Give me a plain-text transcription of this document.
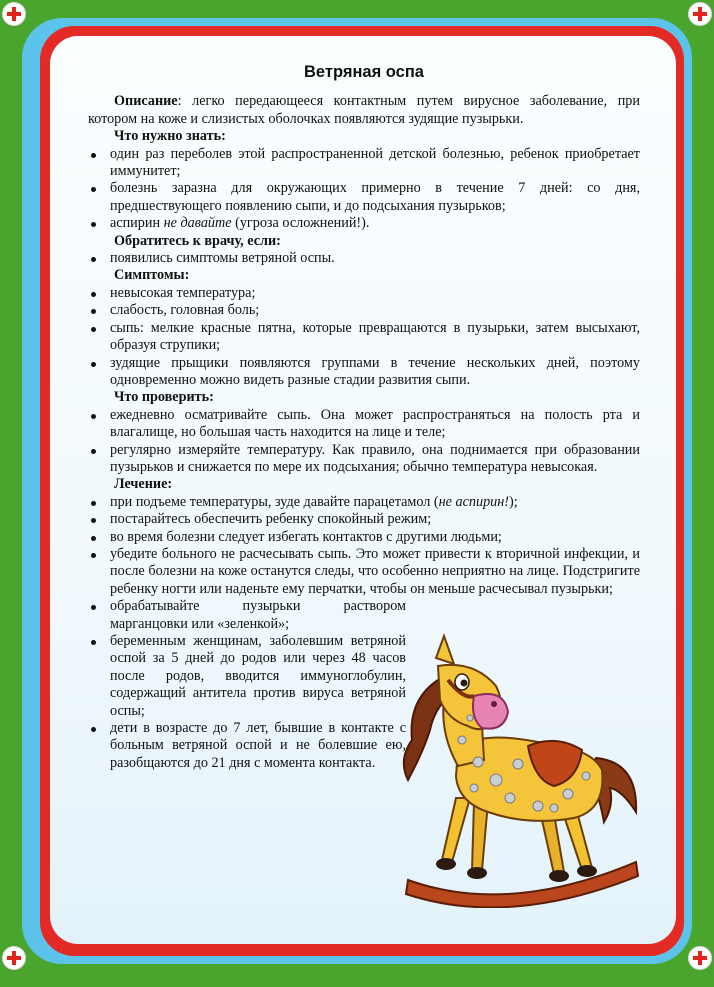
Ветряная оспа

Описание: легко передающееся контактным путем вирусное заболевание, при котором на коже и слизистых оболочках появляются зудящие пузырьки.

Что нужно знать:

один раз переболев этой распространенной детской болезнью, ребенок приобретает иммунитет;
болезнь заразна для окружающих примерно в течение 7 дней: со дня, предшествующего появлению сыпи, и до подсыхания пузырьков;
аспирин не давайте (угроза осложнений!).

Обратитесь к врачу, если:

появились симптомы ветряной оспы.

Симптомы:

невысокая температура;
слабость, головная боль;
сыпь: мелкие красные пятна, которые превращаются в пузырьки, затем высыхают, образуя струпики;
зудящие прыщики появляются группами в течение нескольких дней, поэтому одновременно можно видеть разные стадии развития сыпи.

Что проверить:

ежедневно осматривайте сыпь. Она может распространяться на полость рта и влагалище, но большая часть находится на лице и теле;
регулярно измеряйте температуру. Как правило, она поднимается при образовании пузырьков и снижается по мере их подсыхания; обычно температура невысокая.

Лечение:

при подъеме температуры, зуде давайте парацетамол (не аспирин!);
постарайтесь обеспечить ребенку спокойный режим;
во время болезни следует избегать контактов с другими людьми;
убедите больного не расчесывать сыпь. Это может привести к вторичной инфекции, и после болезни на коже останутся следы, что особенно неприятно на лице. Подстригите ребенку ногти или наденьте ему перчатки, чтобы он меньше расчесывал пузырьки;
обрабатывайте пузырьки раствором марганцовки или «зеленкой»;
беременным женщинам, заболевшим ветряной оспой за 5 дней до родов или через 48 часов после родов, вводится иммуноглобулин, содержащий антитела против вируса ветряной оспы;
дети в возрасте до 7 лет, бывшие в контакте с больным ветряной оспой и не болевшие ею, разобщаются до 21 дня с момента контакта.
